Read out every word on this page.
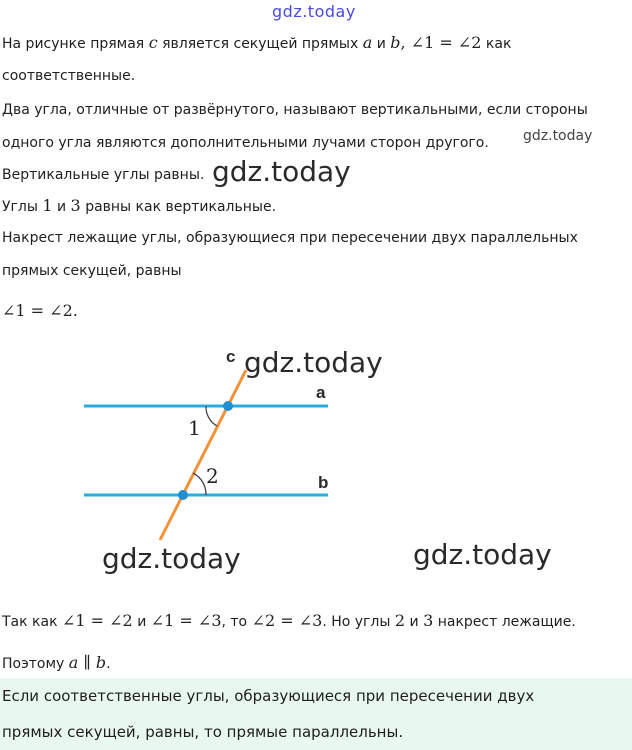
gdz.today
На рисунке прямая c является секущей прямых a и b, ∠1 = ∠2 как
соответственные.
Два угла, отличные от развёрнутого, называют вертикальными, если стороны
одного угла являются дополнительными лучами сторон другого. gdz.today
Вертикальные углы равны. gdz.today
Углы 1 и 3 равны как вертикальные.
Накрест лежащие углы, образующиеся при пересечении двух параллельных
прямых секущей, равны
∠1 = ∠2.
c
a
b
1
2
gdz.today
gdz.today	gdz.today
Так как ∠1 = ∠2 и ∠1 = ∠3, то ∠2 = ∠3. Но углы 2 и 3 накрест лежащие.
Поэтому a ∥ b.
Если соответственные углы, образующиеся при пересечении двух
прямых секущей, равны, то прямые параллельны.
